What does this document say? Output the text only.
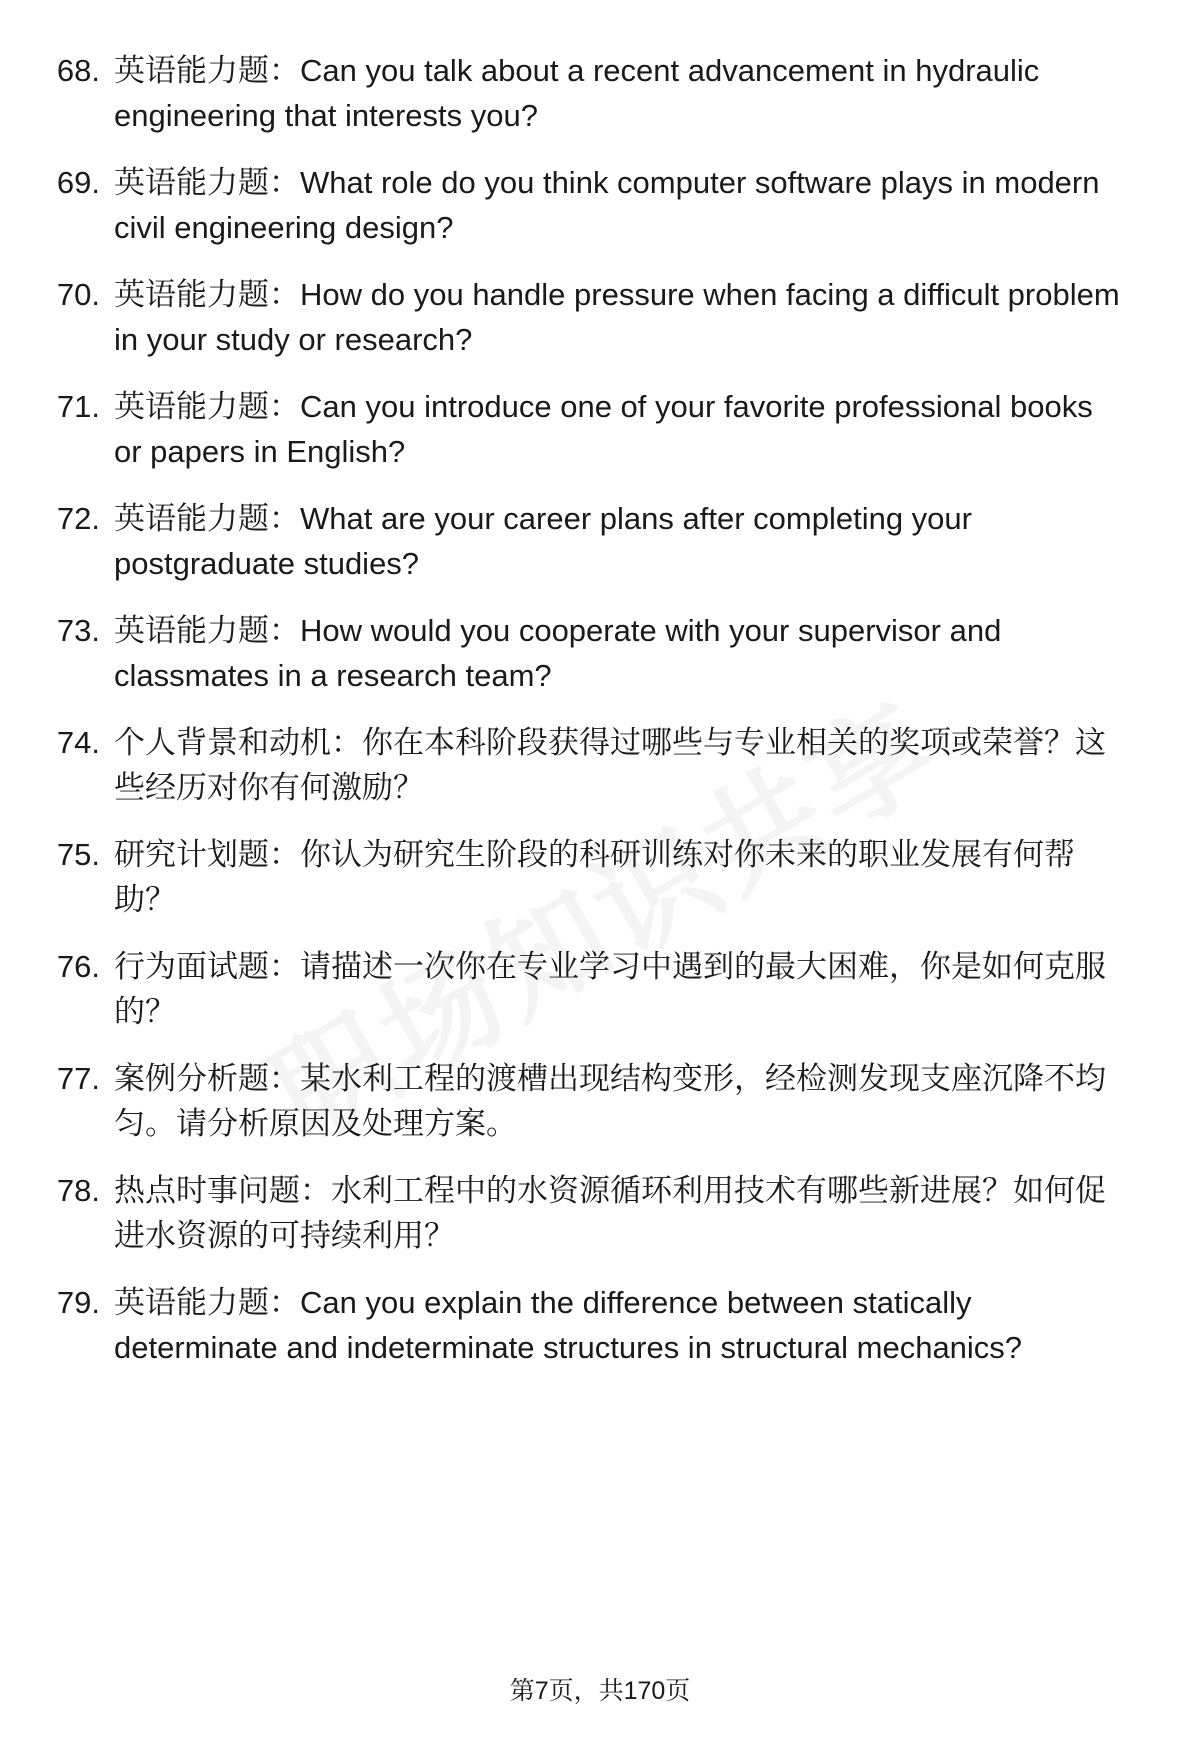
68. 英语能力题：Can you talk about a recent advancement in hydraulic engineering that interests you?
69. 英语能力题：What role do you think computer software plays in modern civil engineering design?
70. 英语能力题：How do you handle pressure when facing a difficult problem in your study or research?
71. 英语能力题：Can you introduce one of your favorite professional books or papers in English?
72. 英语能力题：What are your career plans after completing your postgraduate studies?
73. 英语能力题：How would you cooperate with your supervisor and classmates in a research team?
74. 个人背景和动机：你在本科阶段获得过哪些与专业相关的奖项或荣誉？这些经历对你有何激励？
75. 研究计划题：你认为研究生阶段的科研训练对你未来的职业发展有何帮助？
76. 行为面试题：请描述一次你在专业学习中遇到的最大困难，你是如何克服的？
77. 案例分析题：某水利工程的渡槽出现结构变形，经检测发现支座沉降不均匀。请分析原因及处理方案。
78. 热点时事问题：水利工程中的水资源循环利用技术有哪些新进展？如何促进水资源的可持续利用？
79. 英语能力题：Can you explain the difference between statically determinate and indeterminate structures in structural mechanics?
第7页，共170页
